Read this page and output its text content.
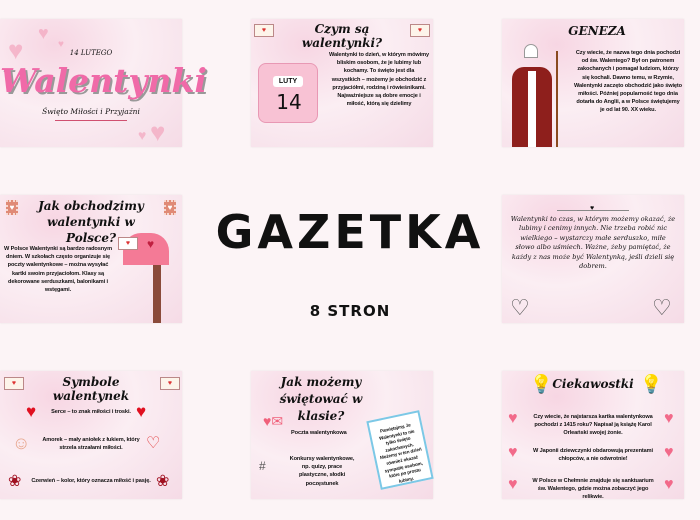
♥
♥	♥
♥
♥
14 LUTEGO
Walentynki
Święto Miłości i Przyjaźni
♥	♥
Czym są walentynki?
LUTY
14
Walentynki to dzień, w którym mówimy bliskim osobom, że je lubimy lub kochamy. To święto jest dla wszystkich – możemy je obchodzić z przyjaciółmi, rodziną i rówieśnikami. Najważniejsze są dobre emocje i miłość, którą się dzielimy
GENEZA
Czy wiecie, że nazwa tego dnia pochodzi od św. Walentego? Był on patronem zakochanych i pomagał ludziom, którzy się kochali. Dawno temu, w Rzymie, Walentynki zaczęto obchodzić jako święto miłości. Później popularność tego dnia dotarła do Anglii, a w Polsce świętujemy je od lat 90. XX wieku.
♥	♥
Jak obchodzimy walentynki w Polsce?	♥
♥
W Polsce Walentynki są bardzo radosnym dniem. W szkołach często organizuje się poczty walentynkowe – można wysyłać kartki swoim przyjaciołom. Klasy są dekorowane serduszkami, balonikami i wstęgami.
GAZETKA
8 STRON
♥
Walentynki to czas, w którym możemy okazać, że lubimy i cenimy innych. Nie trzeba robić nic wielkiego – wystarczy małe serduszko, miłe słowo albo uśmiech. Ważne, żeby pamiętać, że każdy z nas może być Walentynką, jeśli dzieli się dobrem.
♡	♡
♥	♥
Symbole walentynek
♥	♥
Serce – to znak miłości i troski.
☺	♡
Amorek – mały aniołek z łukiem, który strzela strzałami miłości.
❀	❀
Czerwień – kolor, który oznacza miłość i pasję.
Jak możemy świętować w klasie?
♥✉
Poczta walentynkowa
#	Konkursy walentynkowe, np. quizy, prace plastyczne, słodki poczęstunek
Pamiętajmy, że Walentynki to nie tylko święto zakochanych. Możemy w ten dzień również okazać sympatię osobom, które po prostu lubimy.
💡	💡
Ciekawostki
♥	♥
Czy wiecie, że najstarsza kartka walentynkowa pochodzi z 1415 roku? Napisał ją książę Karol Orleański swojej żonie.
♥	♥
W Japonii dziewczynki obdarowują prezentami chłopców, a nie odwrotnie!
♥	♥
W Polsce w Chełmnie znajduje się sanktuarium św. Walentego, gdzie można zobaczyć jego relikwie.
